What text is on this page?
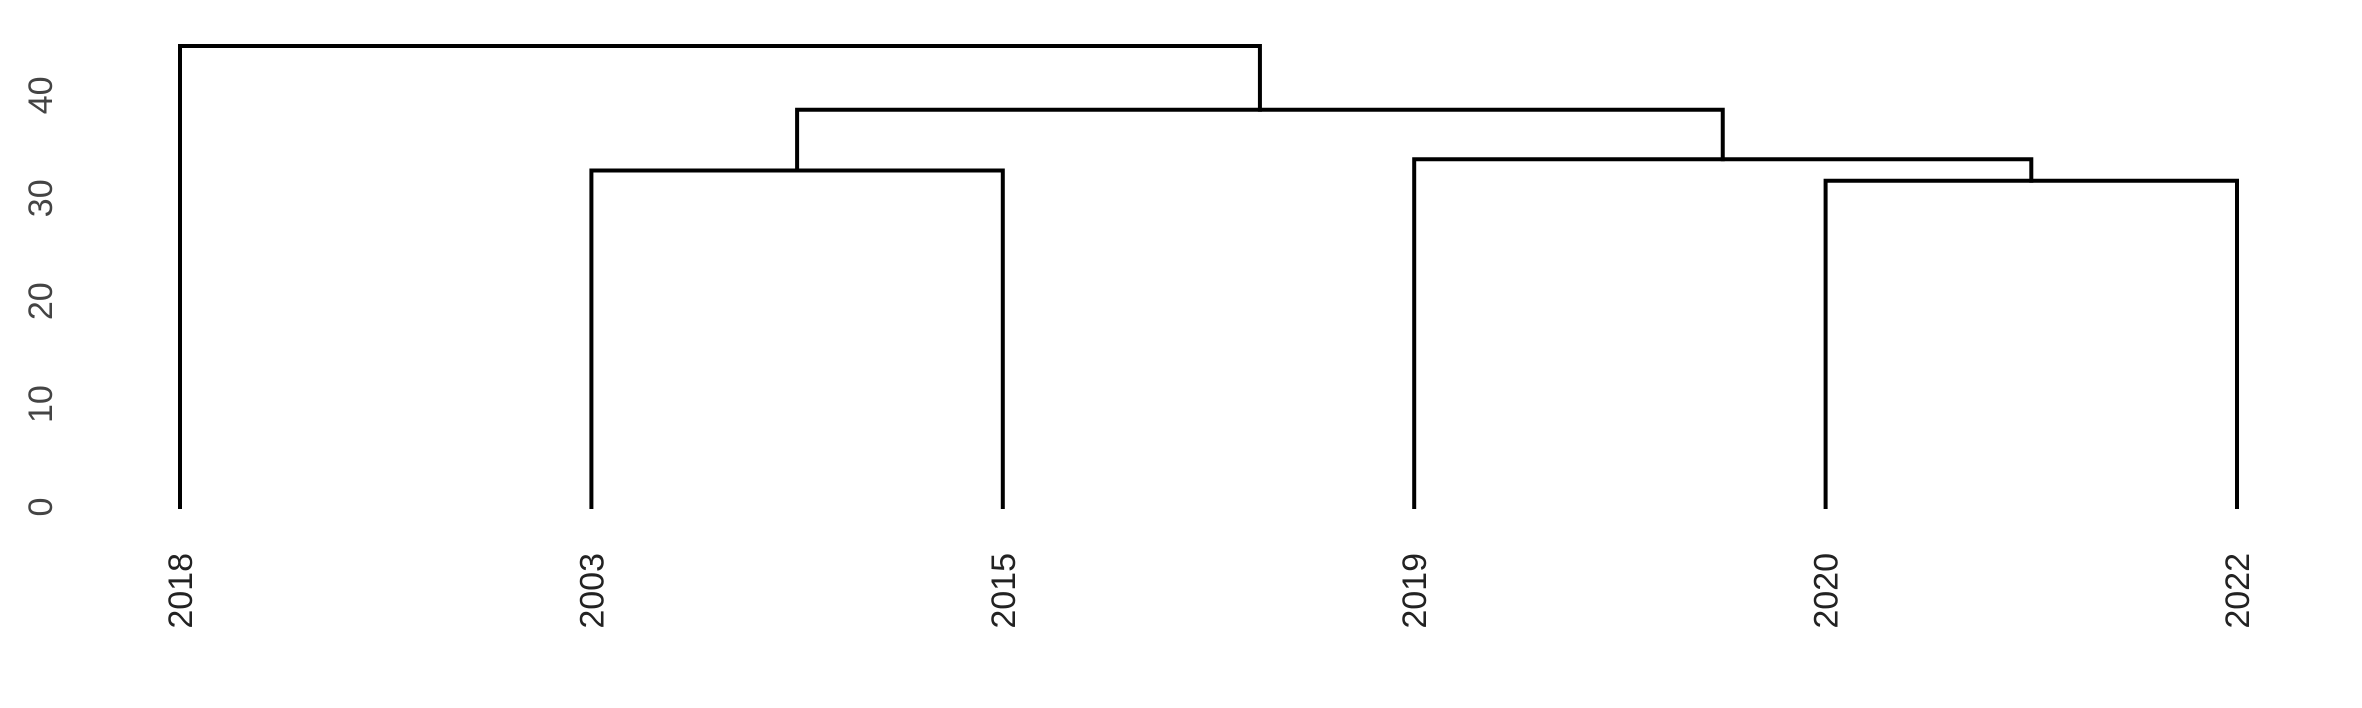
0
10
20
30
40
2018	2003	2015	2019	2020	2022
